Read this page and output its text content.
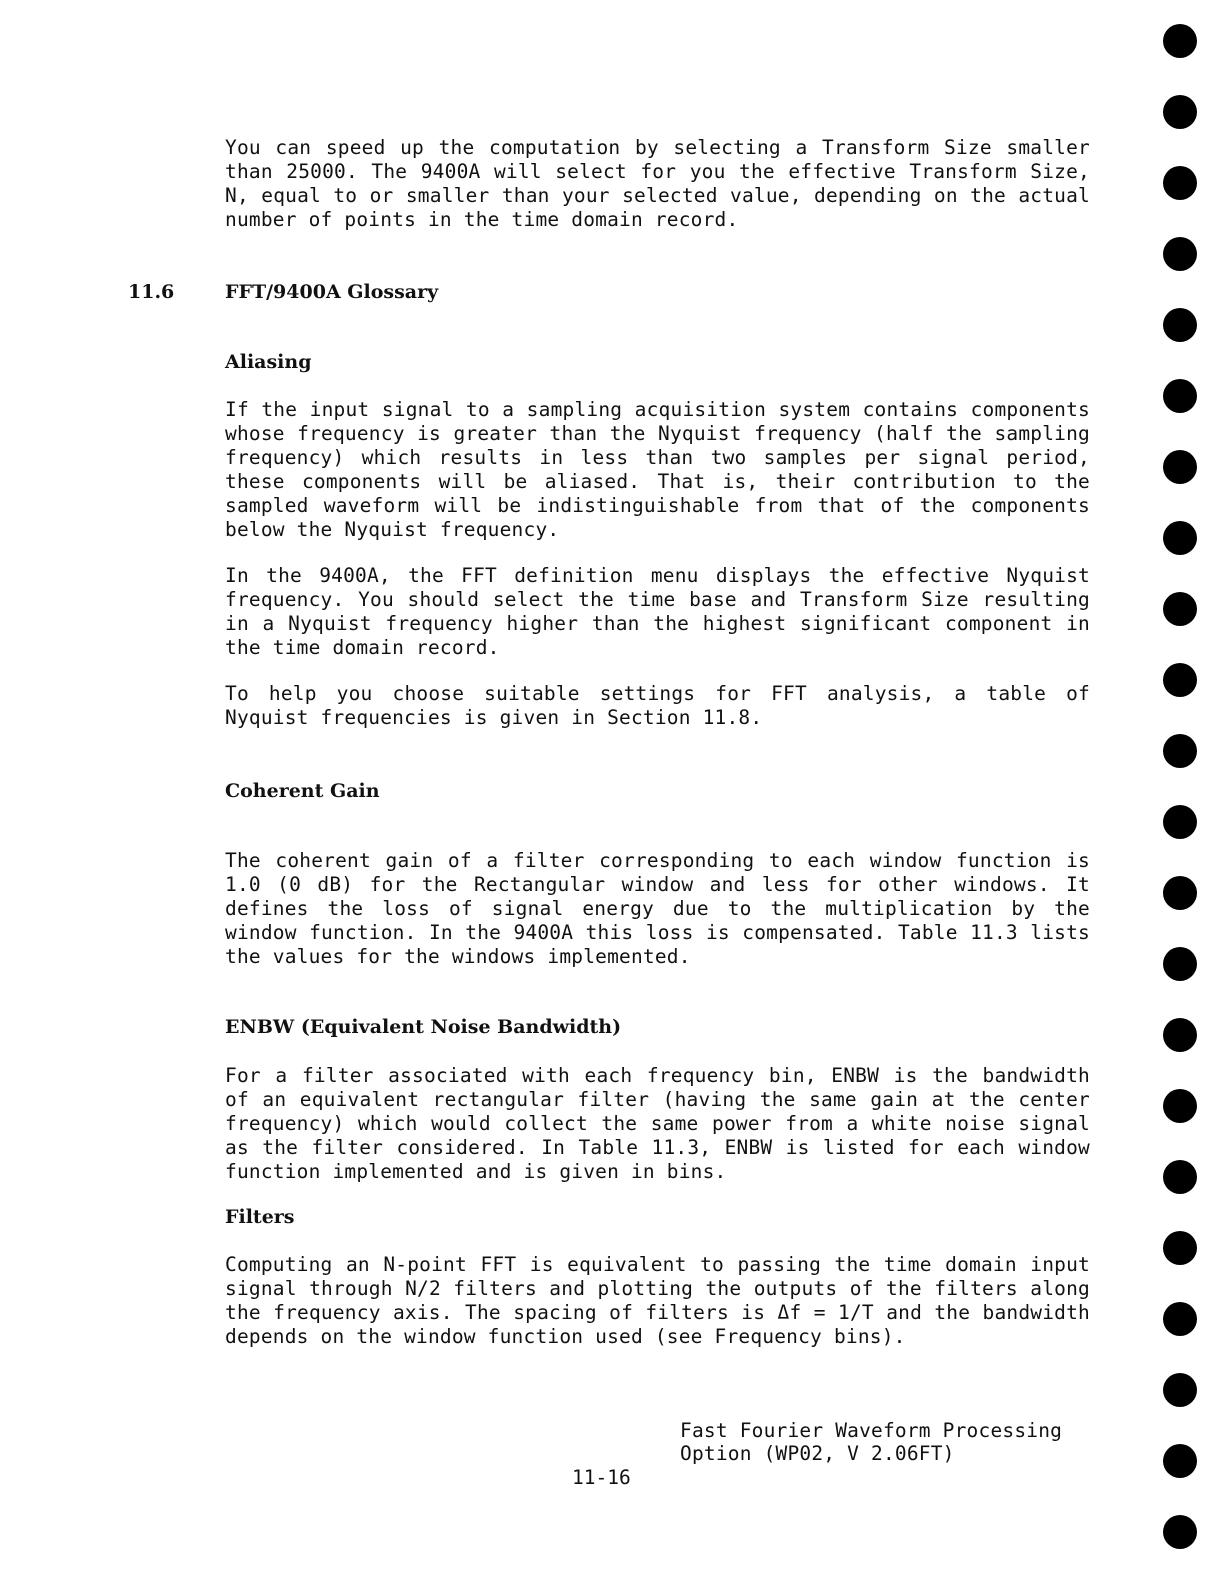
You can speed up the computation by selecting a Transform Size smaller than 25000. The 9400A will select for you the effective Transform Size, N, equal to or smaller than your selected value, depending on the actual number of points in the time domain record.

11.6	FFT/9400A Glossary

Aliasing

If the input signal to a sampling acquisition system contains components whose frequency is greater than the Nyquist frequency (half the sampling frequency) which results in less than two samples per signal period, these components will be aliased. That is, their contribution to the sampled waveform will be indistinguishable from that of the components below the Nyquist frequency.

In the 9400A, the FFT definition menu displays the effective Nyquist frequency. You should select the time base and Transform Size resulting in a Nyquist frequency higher than the highest significant component in the time domain record.

To help you choose suitable settings for FFT analysis, a table of Nyquist frequencies is given in Section 11.8.

Coherent Gain

The coherent gain of a filter corresponding to each window function is 1.0 (0 dB) for the Rectangular window and less for other windows. It defines the loss of signal energy due to the multiplication by the window function. In the 9400A this loss is compensated. Table 11.3 lists the values for the windows implemented.

ENBW (Equivalent Noise Bandwidth)

For a filter associated with each frequency bin, ENBW is the bandwidth of an equivalent rectangular filter (having the same gain at the center frequency) which would collect the same power from a white noise signal as the filter considered. In Table 11.3, ENBW is listed for each window function implemented and is given in bins.

Filters

Computing an N-point FFT is equivalent to passing the time domain input signal through N/2 filters and plotting the outputs of the filters along the frequency axis. The spacing of filters is Δf = 1/T and the bandwidth depends on the window function used (see Frequency bins).

Fast Fourier Waveform Processing
Option (WP02, V 2.06FT)

11-16
